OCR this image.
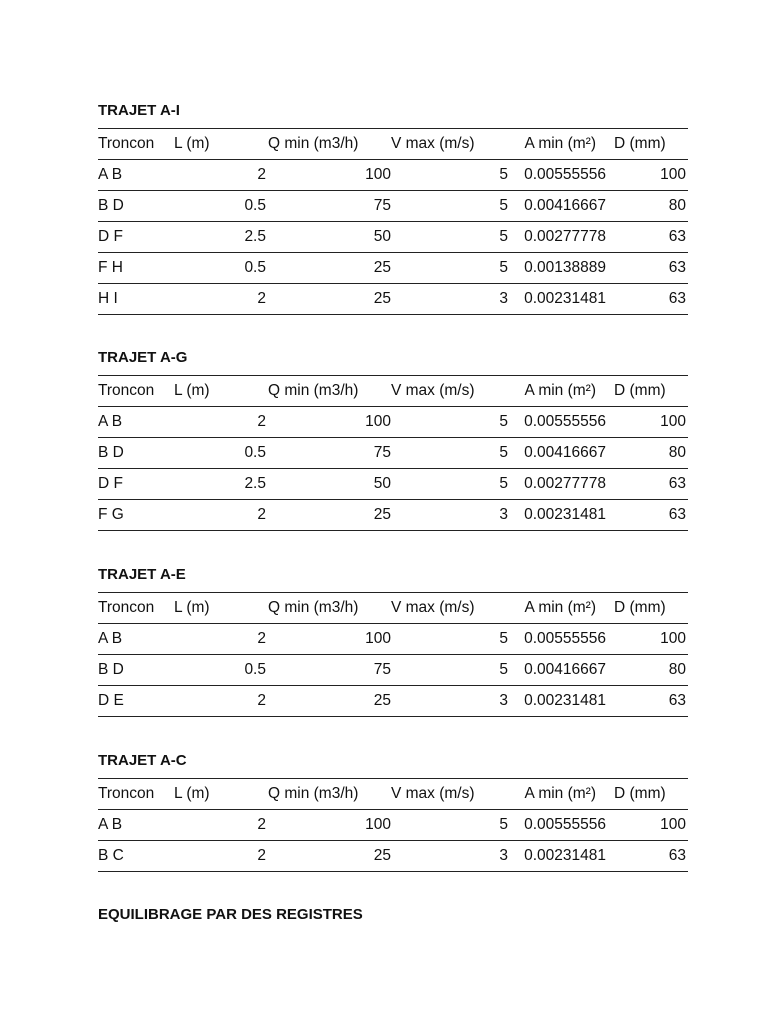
TRAJET A-I
Troncon	L (m)	Q min (m3/h)	V max (m/s)	A min (m²)	D (mm)
A B	2	100	5	0.00555556	100
B D	0.5	75	5	0.00416667	80
D F	2.5	50	5	0.00277778	63
F H	0.5	25	5	0.00138889	63
H I	2	25	3	0.00231481	63
TRAJET A-G
Troncon	L (m)	Q min (m3/h)	V max (m/s)	A min (m²)	D (mm)
A B	2	100	5	0.00555556	100
B D	0.5	75	5	0.00416667	80
D F	2.5	50	5	0.00277778	63
F G	2	25	3	0.00231481	63
TRAJET A-E
Troncon	L (m)	Q min (m3/h)	V max (m/s)	A min (m²)	D (mm)
A B	2	100	5	0.00555556	100
B D	0.5	75	5	0.00416667	80
D E	2	25	3	0.00231481	63
TRAJET A-C
Troncon	L (m)	Q min (m3/h)	V max (m/s)	A min (m²)	D (mm)
A B	2	100	5	0.00555556	100
B C	2	25	3	0.00231481	63
EQUILIBRAGE PAR DES REGISTRES
